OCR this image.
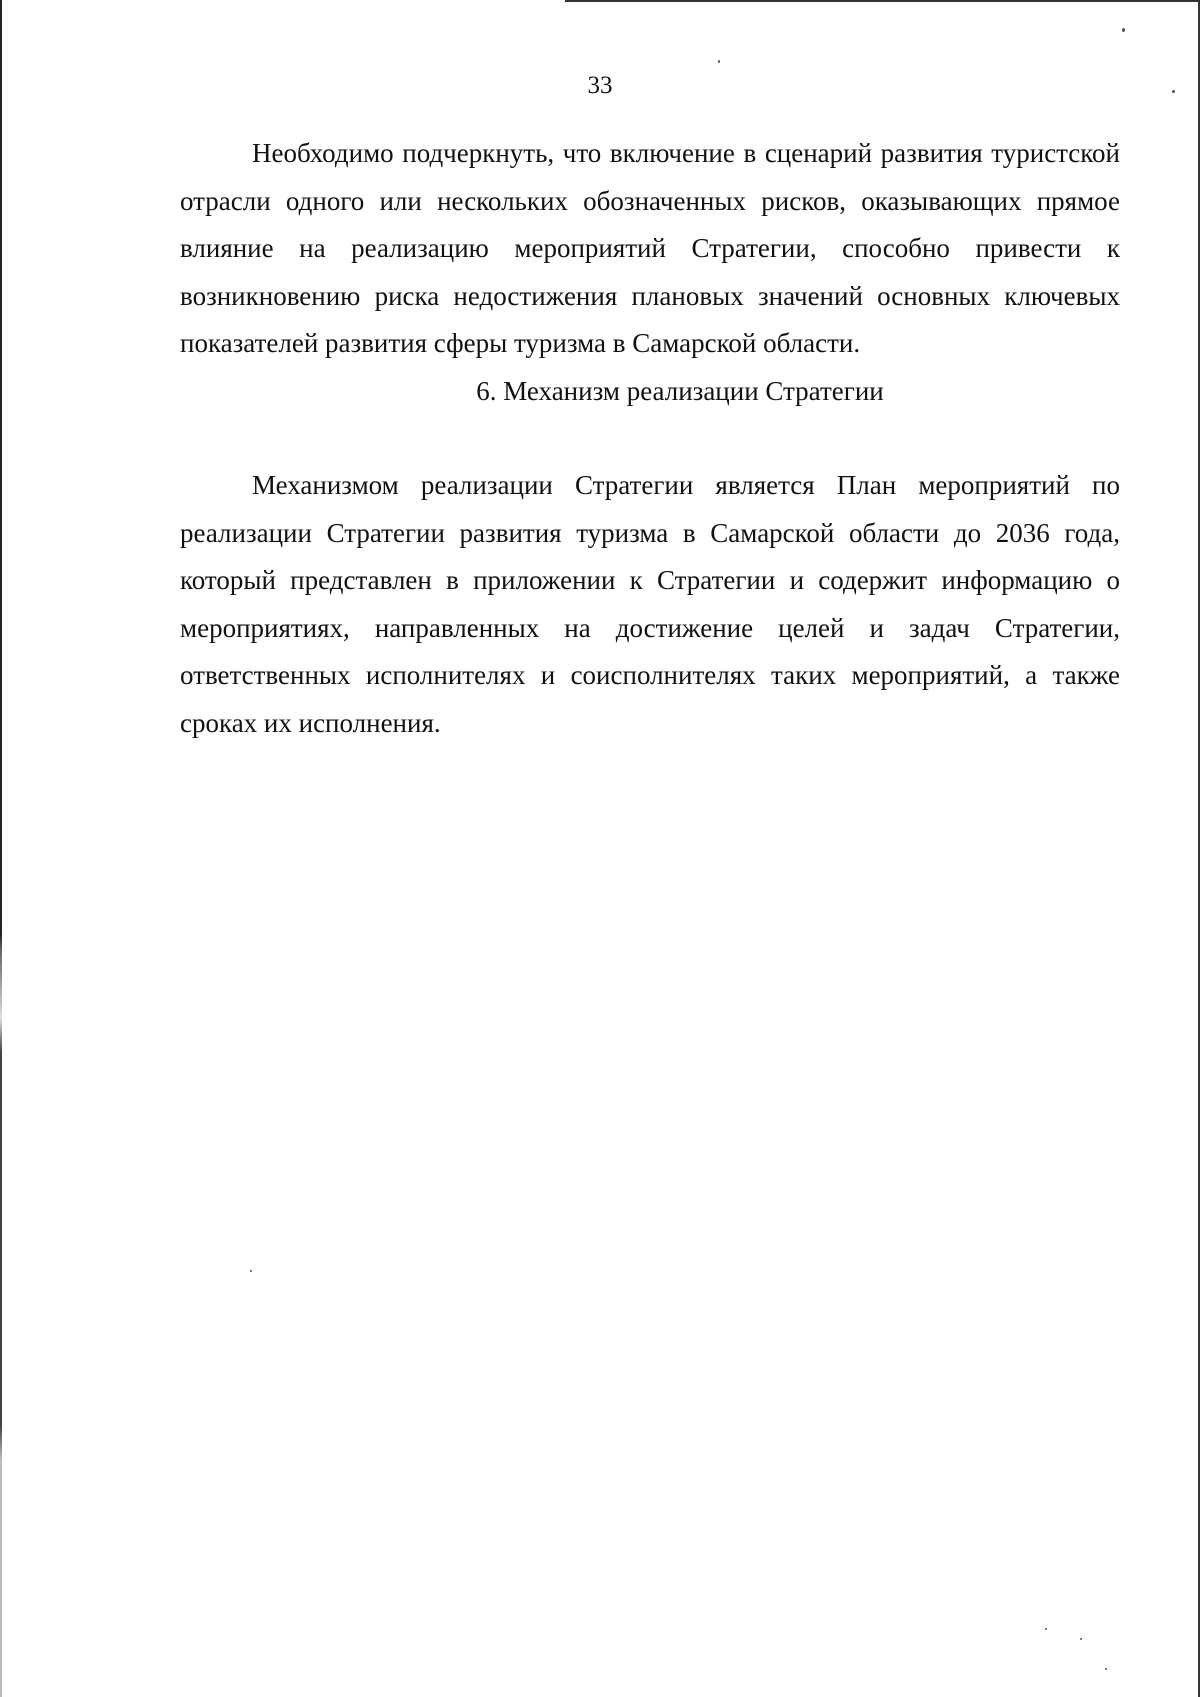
33

Необходимо подчеркнуть, что включение в сценарий развития туристской отрасли одного или нескольких обозначенных рисков, оказывающих прямое влияние на реализацию мероприятий Стратегии, способно привести к возникновению риска недостижения плановых значений основных ключевых показателей развития сферы туризма в Самарской области.

6. Механизм реализации Стратегии

Механизмом реализации Стратегии является План мероприятий по реализации Стратегии развития туризма в Самарской области до 2036 года, который представлен в приложении к Стратегии и содержит информацию о мероприятиях, направленных на достижение целей и задач Стратегии, ответственных исполнителях и соисполнителях таких мероприятий, а также сроках их исполнения.
